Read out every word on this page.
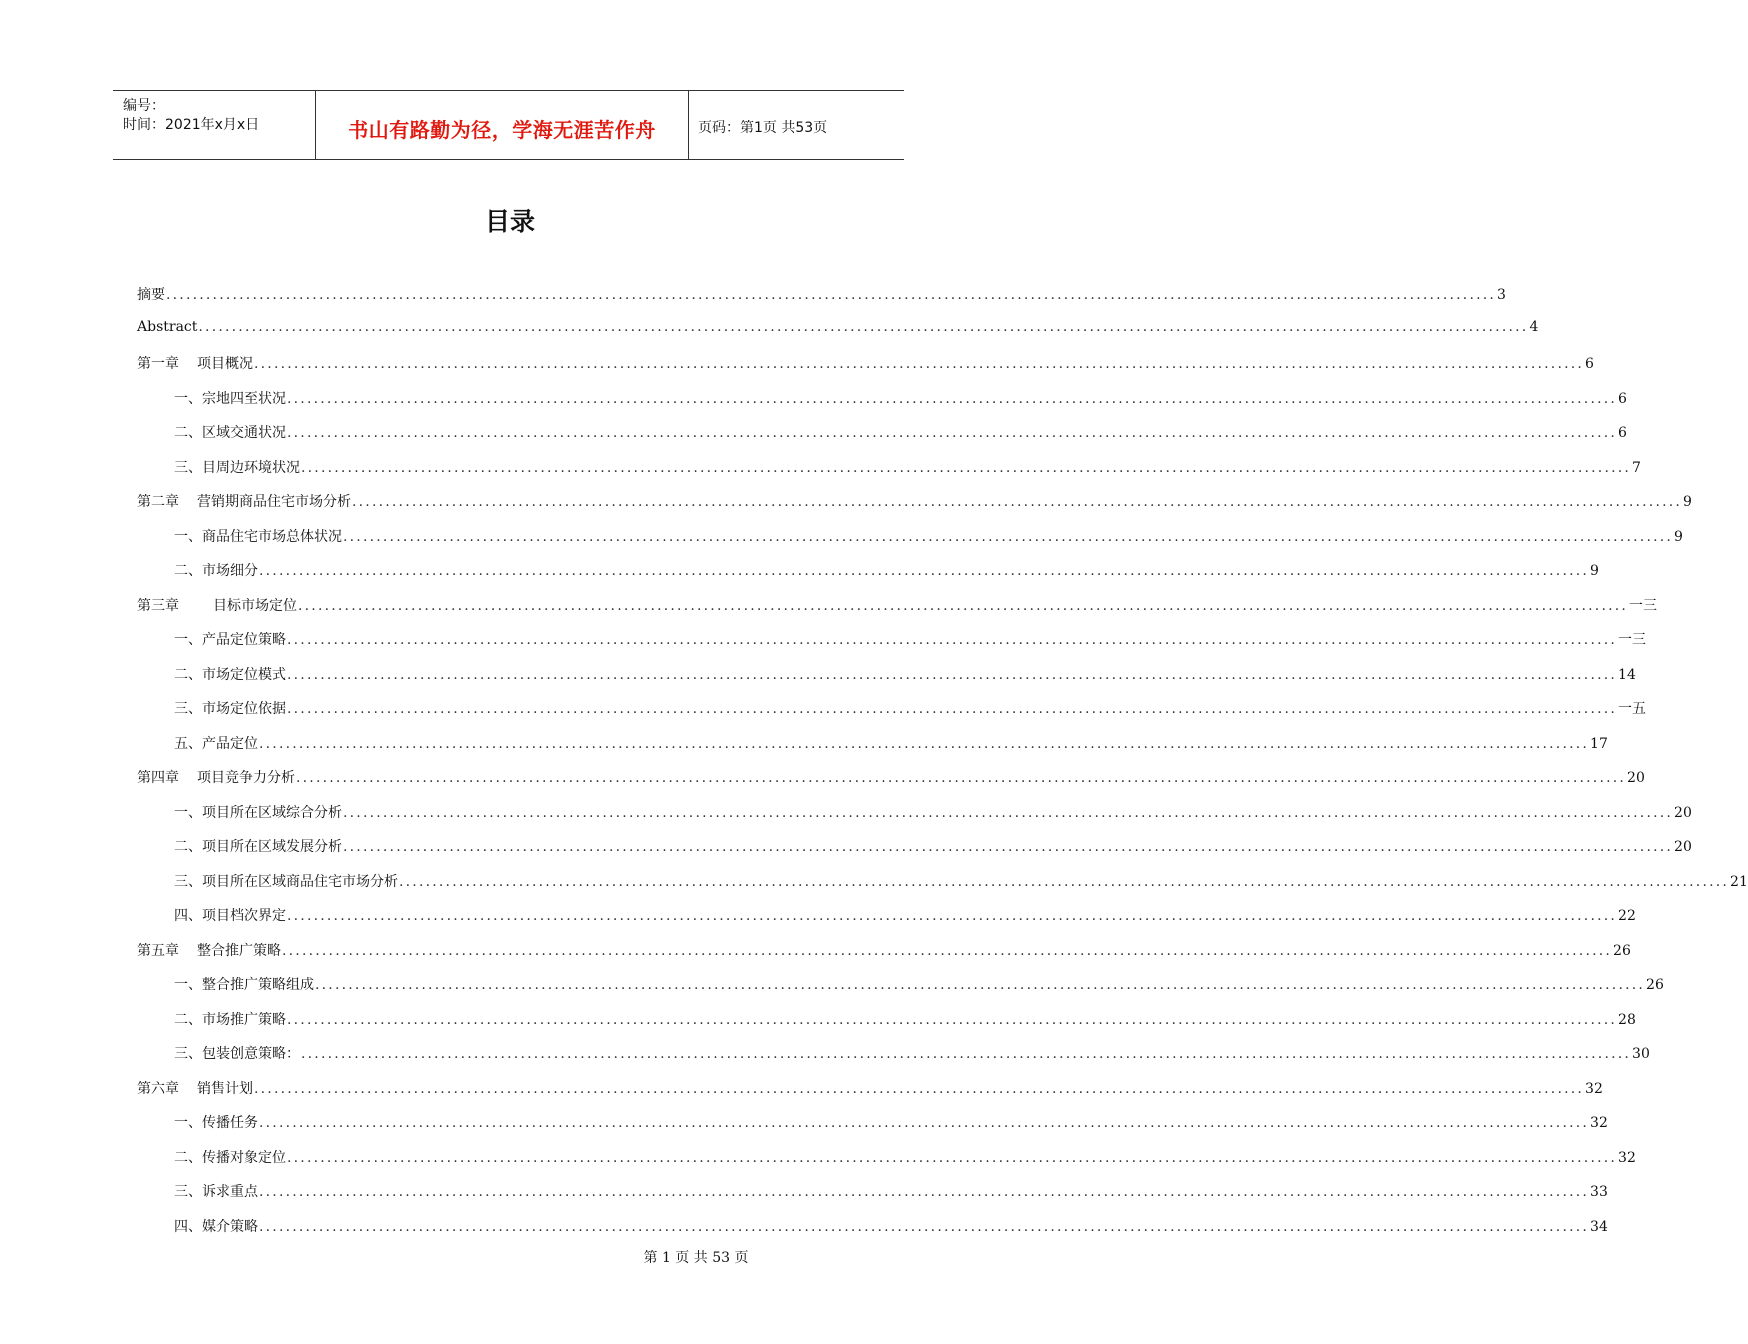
编号：
时间：2021年x月x日	书山有路勤为径，学海无涯苦作舟	页码：第1页 共53页
目录
摘要 ........................................................................................................................................................................................................ 3
Abstract ........................................................................................................................................................................................................ 4
第一章 项目概况 ........................................................................................................................................................................................................ 6
一、宗地四至状况 ........................................................................................................................................................................................................ 6
二、区域交通状况 ........................................................................................................................................................................................................ 6
三、目周边环境状况 ........................................................................................................................................................................................................ 7
第二章 营销期商品住宅市场分析 ........................................................................................................................................................................................................ 9
一、商品住宅市场总体状况 ........................................................................................................................................................................................................ 9
二、市场细分 ........................................................................................................................................................................................................ 9
第三章 目标市场定位 ........................................................................................................................................................................................................ 一三
一、产品定位策略 ........................................................................................................................................................................................................ 一三
二、市场定位模式 ........................................................................................................................................................................................................ 14
三、市场定位依据 ........................................................................................................................................................................................................ 一五
五、产品定位 ........................................................................................................................................................................................................ 17
第四章 项目竞争力分析 ........................................................................................................................................................................................................ 20
一、项目所在区域综合分析 ........................................................................................................................................................................................................ 20
二、项目所在区域发展分析 ........................................................................................................................................................................................................ 20
三、项目所在区域商品住宅市场分析 ........................................................................................................................................................................................................ 21
四、项目档次界定 ........................................................................................................................................................................................................ 22
第五章 整合推广策略 ........................................................................................................................................................................................................ 26
一、整合推广策略组成 ........................................................................................................................................................................................................ 26
二、市场推广策略 ........................................................................................................................................................................................................ 28
三、包装创意策略： ........................................................................................................................................................................................................ 30
第六章 销售计划 ........................................................................................................................................................................................................ 32
一、传播任务 ........................................................................................................................................................................................................ 32
二、传播对象定位 ........................................................................................................................................................................................................ 32
三、诉求重点 ........................................................................................................................................................................................................ 33
四、媒介策略 ........................................................................................................................................................................................................ 34
第 1 页 共 53 页
